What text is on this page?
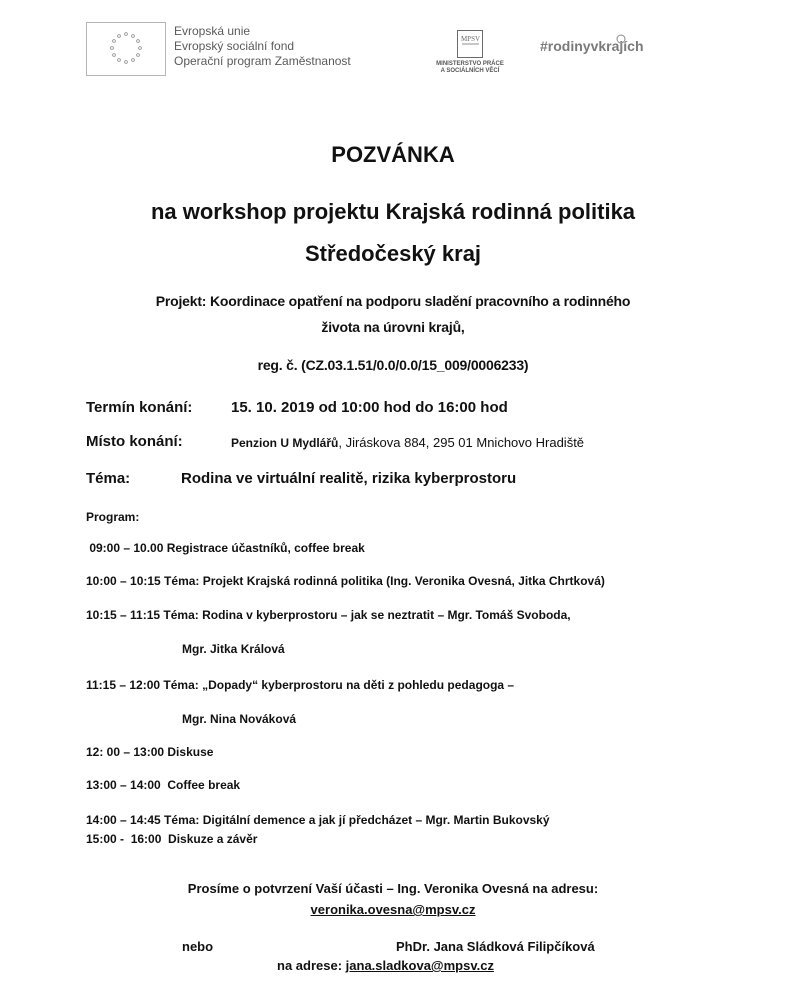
Evropská unie
Evropský sociální fond
Operační program Zaměstnanost
MPSV
MINISTERSTVO PRÁCE
A SOCIÁLNÍCH VĚCÍ
#rodinyvkrajích
POZVÁNKA
na workshop projektu Krajská rodinná politika
Středočeský kraj
Projekt: Koordinace opatření na podporu sladění pracovního a rodinného
života na úrovni krajů,
reg. č. (CZ.03.1.51/0.0/0.0/15_009/0006233)
Termín konání:	15. 10. 2019 od 10:00 hod do 16:00 hod
Místo konání:	Penzion U Mydlářů, Jiráskova 884, 295 01 Mnichovo Hradiště
Téma:	Rodina ve virtuální realitě, rizika kyberprostoru
Program:
09:00 – 10.00 Registrace účastníků, coffee break
10:00 – 10:15 Téma: Projekt Krajská rodinná politika (Ing. Veronika Ovesná, Jitka Chrtková)
10:15 – 11:15 Téma: Rodina v kyberprostoru – jak se neztratit – Mgr. Tomáš Svoboda,
Mgr. Jitka Králová
11:15 – 12:00 Téma: „Dopady“ kyberprostoru na děti z pohledu pedagoga –
Mgr. Nina Nováková
12: 00 – 13:00 Diskuse
13:00 – 14:00  Coffee break
14:00 – 14:45 Téma: Digitální demence a jak jí předcházet – Mgr. Martin Bukovský
15:00 -  16:00  Diskuze a závěr
Prosíme o potvrzení Vaší účasti – Ing. Veronika Ovesná na adresu:
veronika.ovesna@mpsv.cz
nebo	PhDr. Jana Sládková Filipčíková
na adrese: jana.sladkova@mpsv.cz
